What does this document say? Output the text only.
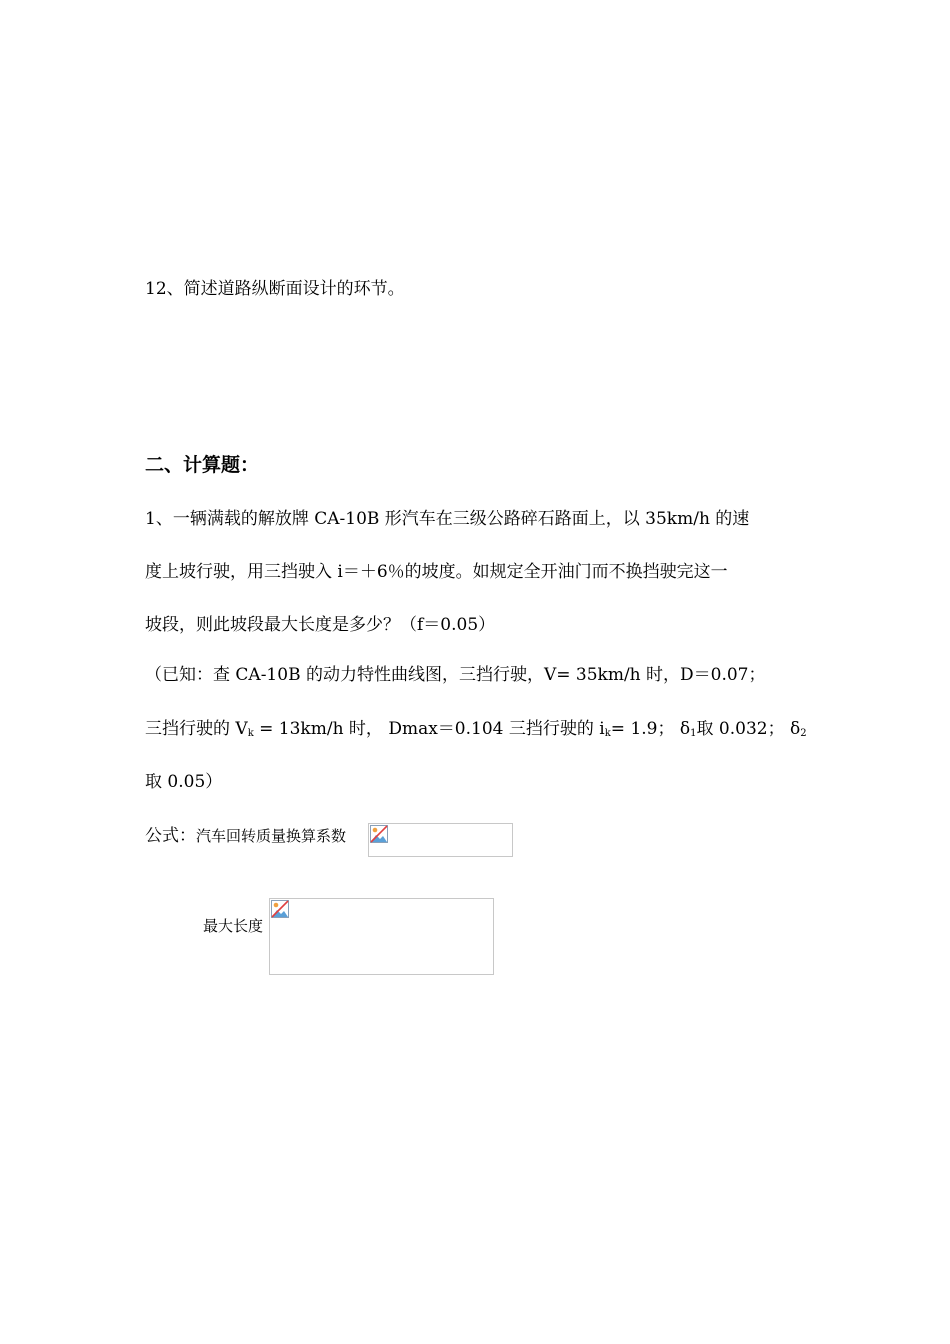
12、简述道路纵断面设计的环节。
二、计算题：
1、一辆满载的解放牌 CA-10B 形汽车在三级公路碎石路面上，以 35km/h 的速
度上坡行驶，用三挡驶入 i＝＋6％的坡度。如规定全开油门而不换挡驶完这一
坡段，则此坡段最大长度是多少？（f＝0.05）
（已知：查 CA-10B 的动力特性曲线图，三挡行驶，V= 35km/h 时，D＝0.07；
三挡行驶的 $V_k = 13km/h$ 时， Dmax＝0.104 三挡行驶的 $i_k= 1.9$； $\delta_1$取 0.032； $\delta_2$
取 0.05）
公式：汽车回转质量换算系数
最大长度
